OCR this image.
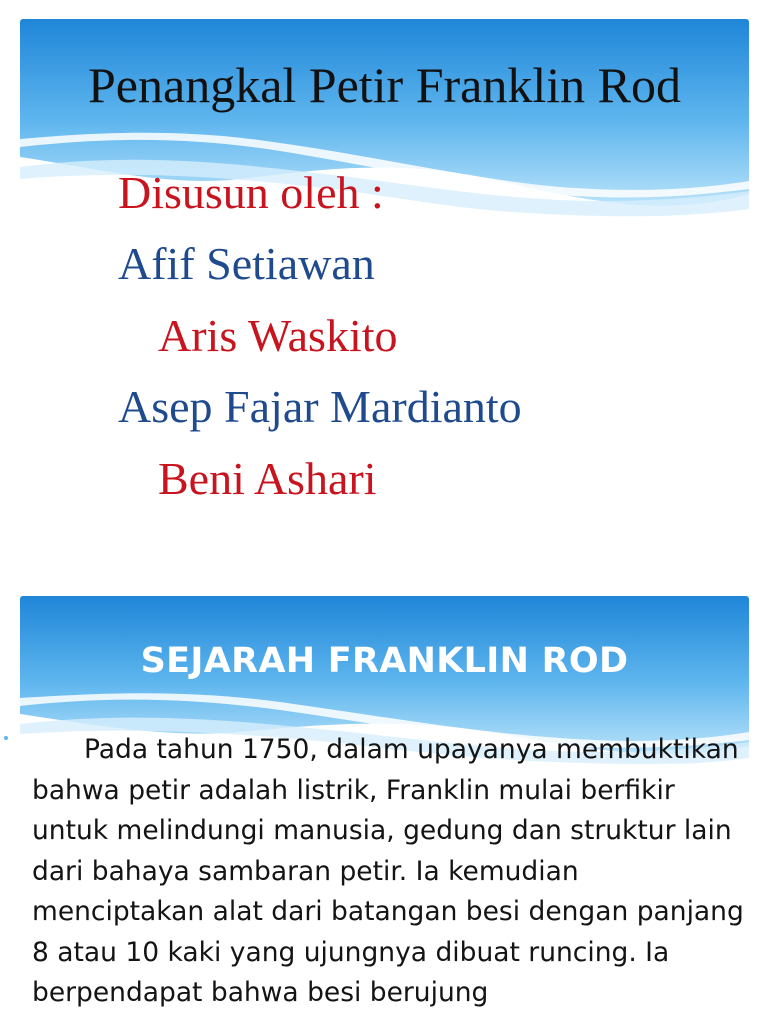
Penangkal Petir Franklin Rod
Disusun oleh :
Afif Setiawan
Aris Waskito
Asep Fajar Mardianto
Beni Ashari
SEJARAH FRANKLIN ROD

Pada tahun 1750, dalam upayanya membuktikan bahwa petir adalah listrik, Franklin mulai berfikir untuk melindungi manusia, gedung dan struktur lain dari bahaya sambaran petir. Ia kemudian menciptakan alat dari batangan besi dengan panjang 8 atau 10 kaki yang ujungnya dibuat runcing. Ia berpendapat bahwa besi berujung
